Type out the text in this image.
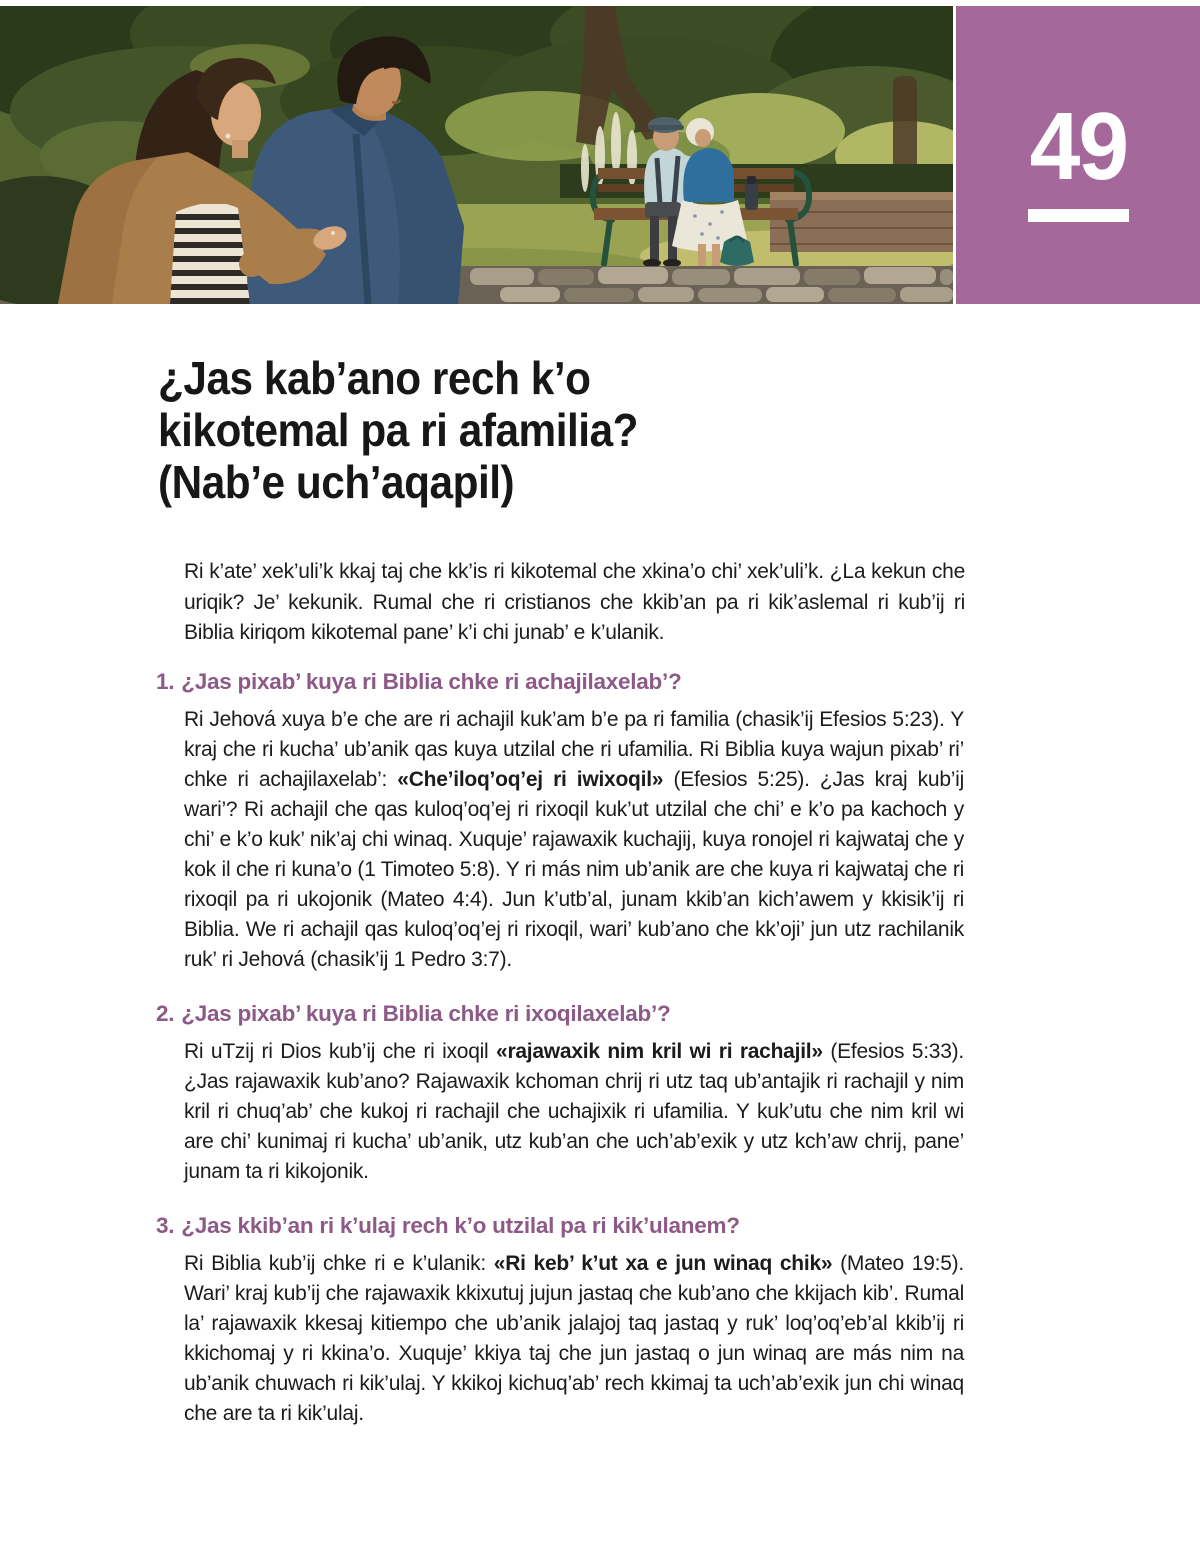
49
¿Jas kab’ano rech k’o
kikotemal pa ri afamilia?
(Nab’e uch’aqapil)

Ri k’ate’ xek’uli’k kkaj taj che kk’is ri kikotemal che xkina’o chi’ xek’uli’k. ¿La kekun che uriqik? Je’ kekunik. Rumal che ri cristianos che kkib’an pa ri kik’aslemal ri kub’ij ri Biblia kiriqom kikotemal pane’ k’i chi junab’ e k’ulanik.

1. ¿Jas pixab’ kuya ri Biblia chke ri achajilaxelab’?

Ri Jehová xuya b’e che are ri achajil kuk’am b’e pa ri familia (chasik’ij Efesios 5:23). Y kraj che ri kucha’ ub’anik qas kuya utzilal che ri ufamilia. Ri Biblia kuya wajun pixab’ ri’ chke ri achajilaxelab’: «Che’iloq’oq’ej ri iwixoqil» (Efesios 5:25). ¿Jas kraj kub’ij wari’? Ri achajil che qas kuloq’oq’ej ri rixoqil kuk’ut utzilal che chi’ e k’o pa kachoch y chi’ e k’o kuk’ nik’aj chi winaq. Xuquje’ rajawaxik kuchajij, kuya ronojel ri kajwataj che y kok il che ri kuna’o (1 Timoteo 5:8). Y ri más nim ub’anik are che kuya ri kajwataj che ri rixoqil pa ri ukojonik (Mateo 4:4). Jun k’utb’al, junam kkib’an kich’awem y kkisik’ij ri Biblia. We ri achajil qas kuloq’oq’ej ri rixoqil, wari’ kub’ano che kk’oji’ jun utz rachilanik ruk’ ri Jehová (chasik’ij 1 Pedro 3:7).

2. ¿Jas pixab’ kuya ri Biblia chke ri ixoqilaxelab’?

Ri uTzij ri Dios kub’ij che ri ixoqil «rajawaxik nim kril wi ri rachajil» (Efesios 5:33). ¿Jas rajawaxik kub’ano? Rajawaxik kchoman chrij ri utz taq ub’antajik ri rachajil y nim kril ri chuq’ab’ che kukoj ri rachajil che uchajixik ri ufamilia. Y kuk’utu che nim kril wi are chi’ kunimaj ri kucha’ ub’anik, utz kub’an che uch’ab’exik y utz kch’aw chrij, pane’ junam ta ri kikojonik.

3. ¿Jas kkib’an ri k’ulaj rech k’o utzilal pa ri kik’ulanem?

Ri Biblia kub’ij chke ri e k’ulanik: «Ri keb’ k’ut xa e jun winaq chik» (Mateo 19:5). Wari’ kraj kub’ij che rajawaxik kkixutuj jujun jastaq che kub’ano che kkijach kib’. Rumal la’ rajawaxik kkesaj kitiempo che ub’anik jalajoj taq jastaq y ruk’ loq’oq’eb’al kkib’ij ri kkichomaj y ri kkina’o. Xuquje’ kkiya taj che jun jastaq o jun winaq are más nim na ub’anik chuwach ri kik’ulaj. Y kkikoj kichuq’ab’ rech kkimaj ta uch’ab’exik jun chi winaq che are ta ri kik’ulaj.
